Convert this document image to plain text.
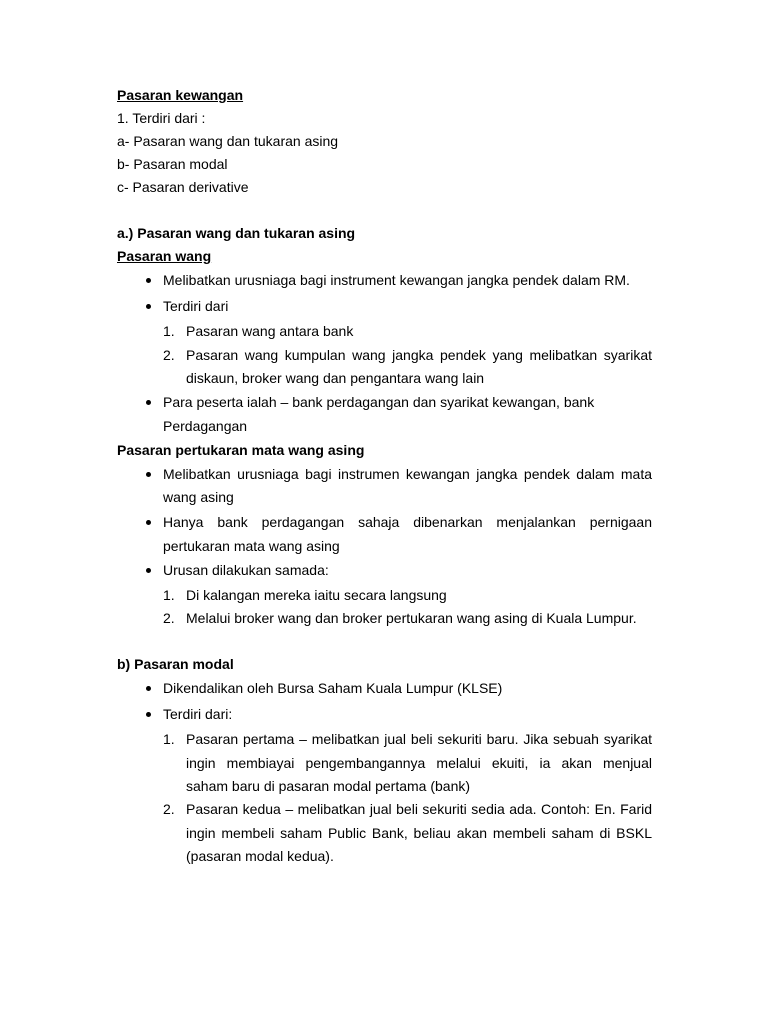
Pasaran kewangan
1. Terdiri dari :
a- Pasaran wang dan tukaran asing
b- Pasaran modal
c- Pasaran derivative
a.) Pasaran wang dan tukaran asing
Pasaran wang
Melibatkan urusniaga bagi instrument kewangan jangka pendek dalam RM.
Terdiri dari
1. Pasaran wang antara bank
2. Pasaran wang kumpulan wang jangka pendek yang melibatkan syarikat
diskaun, broker wang dan pengantara wang lain
Para peserta ialah – bank perdagangan dan syarikat kewangan, bank
Perdagangan
Pasaran pertukaran mata wang asing
Melibatkan urusniaga bagi instrumen kewangan jangka pendek dalam mata
wang asing
Hanya bank perdagangan sahaja dibenarkan menjalankan pernigaan
pertukaran mata wang asing
Urusan dilakukan samada:
1. Di kalangan mereka iaitu secara langsung
2. Melalui broker wang dan broker pertukaran wang asing di Kuala Lumpur.
b) Pasaran modal
Dikendalikan oleh Bursa Saham Kuala Lumpur (KLSE)
Terdiri dari:
1. Pasaran pertama – melibatkan jual beli sekuriti baru. Jika sebuah syarikat
ingin membiayai pengembangannya melalui ekuiti, ia akan menjual
saham baru di pasaran modal pertama (bank)
2. Pasaran kedua – melibatkan jual beli sekuriti sedia ada. Contoh: En. Farid
ingin membeli saham Public Bank, beliau akan membeli saham di BSKL
(pasaran modal kedua).
